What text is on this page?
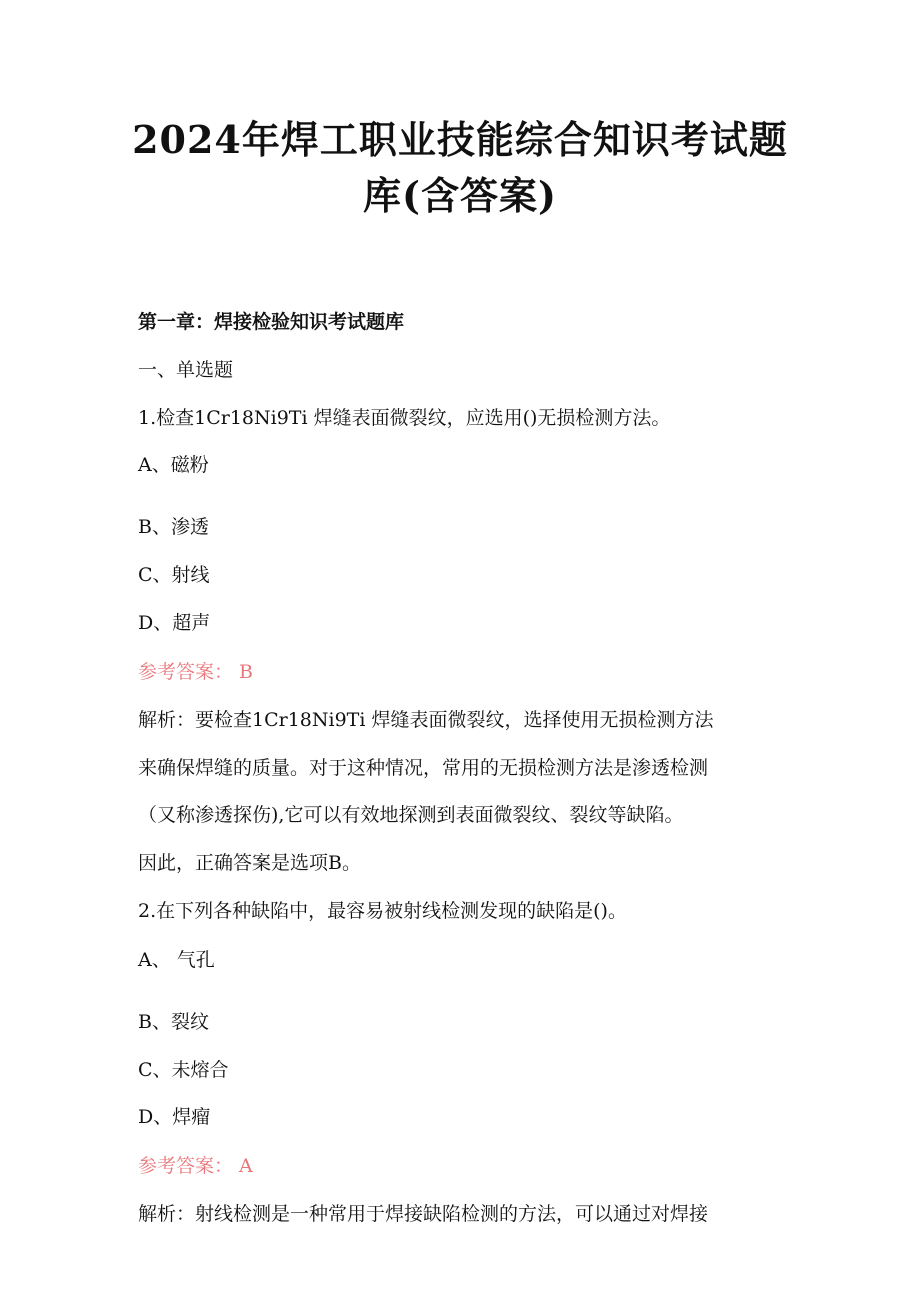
2024年焊工职业技能综合知识考试题
库(含答案)
第一章：焊接检验知识考试题库
一、单选题
1.检查1Cr18Ni9Ti 焊缝表面微裂纹，应选用()无损检测方法。
A、磁粉
B、渗透
C、射线
D、超声
参考答案： B
解析：要检查1Cr18Ni9Ti 焊缝表面微裂纹，选择使用无损检测方法
来确保焊缝的质量。对于这种情况，常用的无损检测方法是渗透检测
（又称渗透探伤),它可以有效地探测到表面微裂纹、裂纹等缺陷。
因此，正确答案是选项B。
2.在下列各种缺陷中，最容易被射线检测发现的缺陷是()。
A、 气孔
B、裂纹
C、未熔合
D、焊瘤
参考答案： A
解析：射线检测是一种常用于焊接缺陷检测的方法，可以通过对焊接
